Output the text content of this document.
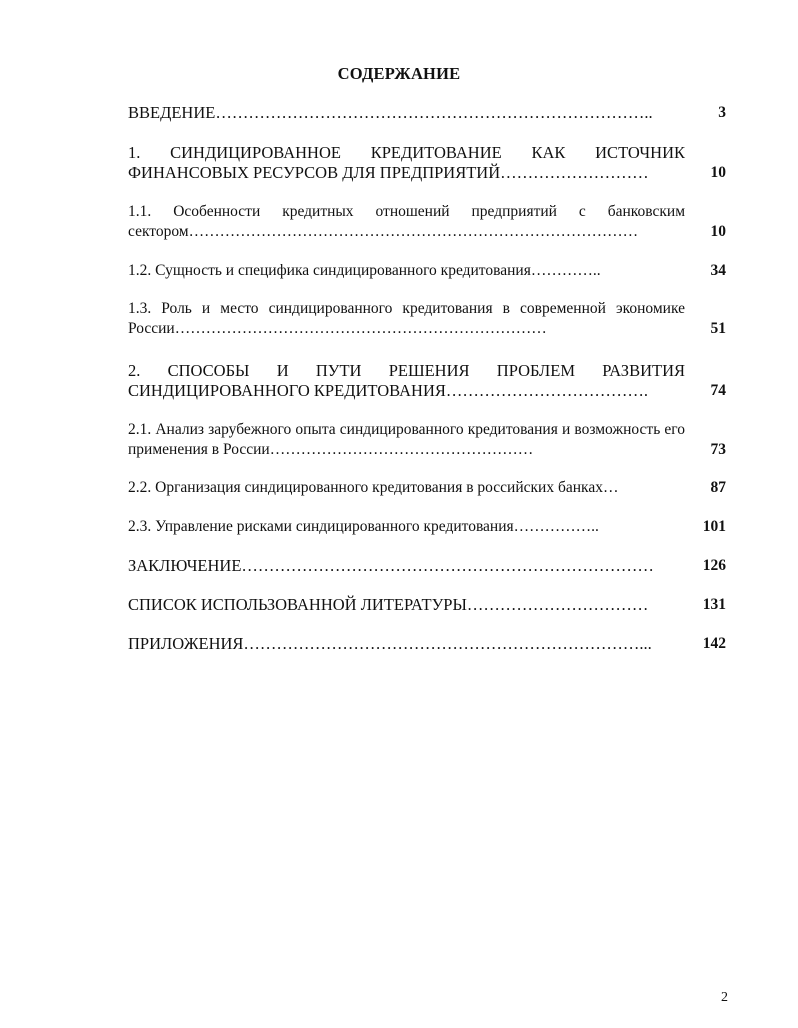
СОДЕРЖАНИЕ
ВВЕДЕНИЕ……………………………………………………………………..	3
1. СИНДИЦИРОВАННОЕ КРЕДИТОВАНИЕ КАК ИСТОЧНИК ФИНАНСОВЫХ РЕСУРСОВ ДЛЯ ПРЕДПРИЯТИЙ………………………	10
1.1. Особенности кредитных отношений предприятий с банковским сектором……………………………………………………………………………	10
1.2. Сущность и специфика синдицированного кредитования…………..	34
1.3. Роль и место синдицированного кредитования в современной экономике России………………………………………………………………	51
2. СПОСОБЫ И ПУТИ РЕШЕНИЯ ПРОБЛЕМ РАЗВИТИЯ СИНДИЦИРОВАННОГО КРЕДИТОВАНИЯ……………………………….	74
2.1. Анализ зарубежного опыта синдицированного кредитования и возможность его применения в России……………………………………………	73
2.2. Организация синдицированного кредитования в российских банках…	87
2.3. Управление рисками синдицированного кредитования……………..	101
ЗАКЛЮЧЕНИЕ…………………………………………………………………	126
СПИСОК ИСПОЛЬЗОВАННОЙ ЛИТЕРАТУРЫ……………………………	131
ПРИЛОЖЕНИЯ………………………………………………………………...	142
2
